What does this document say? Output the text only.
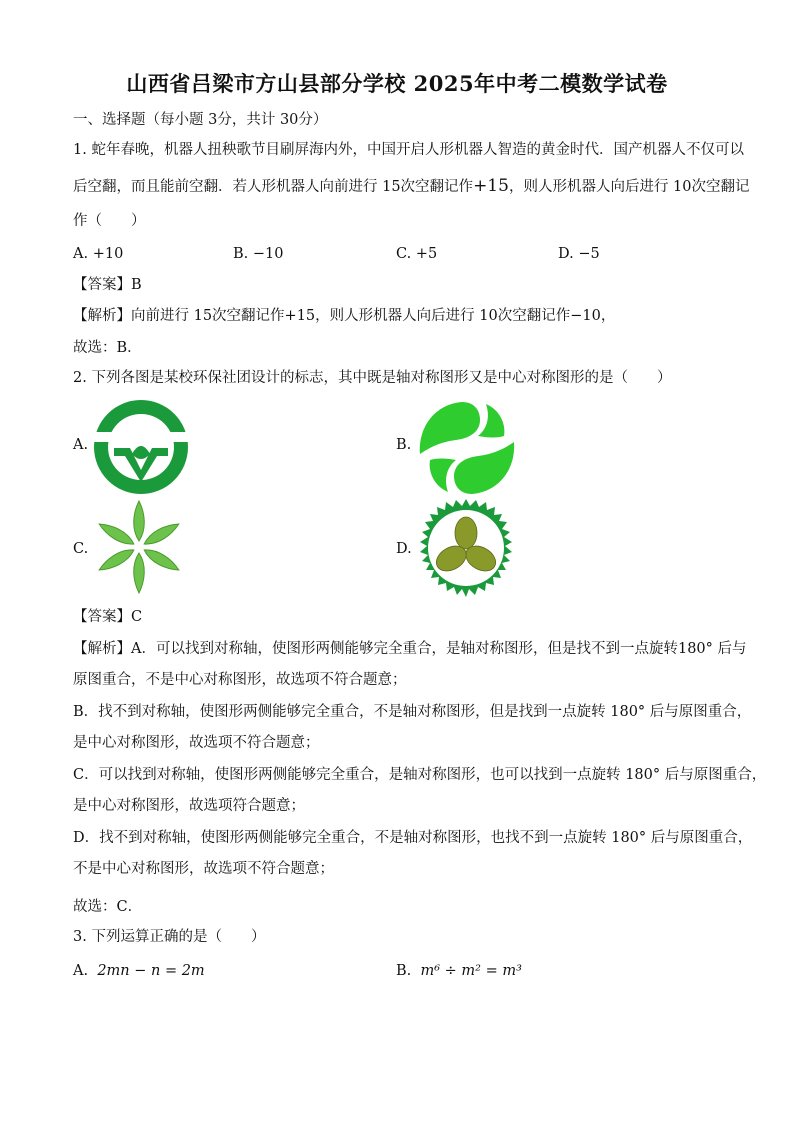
山西省吕梁市方山县部分学校 2025年中考二模数学试卷
一、选择题（每小题 3分，共计 30分）
1. 蛇年春晚，机器人扭秧歌节目刷屏海内外，中国开启人形机器人智造的黄金时代．国产机器人不仅可以
后空翻，而且能前空翻．若人形机器人向前进行 15次空翻记作+15，则人形机器人向后进行 10次空翻记
作（　　）
A. +10	B. −10	C. +5	D. −5
【答案】B
【解析】向前进行 15次空翻记作+15，则人形机器人向后进行 10次空翻记作−10，
故选：B．
2. 下列各图是某校环保社团设计的标志，其中既是轴对称图形又是中心对称图形的是（　　）
A.	B.
C.	D.
【答案】C
【解析】A．可以找到对称轴，使图形两侧能够完全重合，是轴对称图形，但是找不到一点旋转180° 后与
原图重合，不是中心对称图形，故选项不符合题意；
B．找不到对称轴，使图形两侧能够完全重合，不是轴对称图形，但是找到一点旋转 180° 后与原图重合，
是中心对称图形，故选项不符合题意；
C．可以找到对称轴，使图形两侧能够完全重合，是轴对称图形，也可以找到一点旋转 180° 后与原图重合，
是中心对称图形，故选项符合题意；
D．找不到对称轴，使图形两侧能够完全重合，不是轴对称图形，也找不到一点旋转 180° 后与原图重合，
不是中心对称图形，故选项不符合题意；
故选：C．
3. 下列运算正确的是（　　）
A. 2mn − n = 2m	B. m⁶ ÷ m² = m³
